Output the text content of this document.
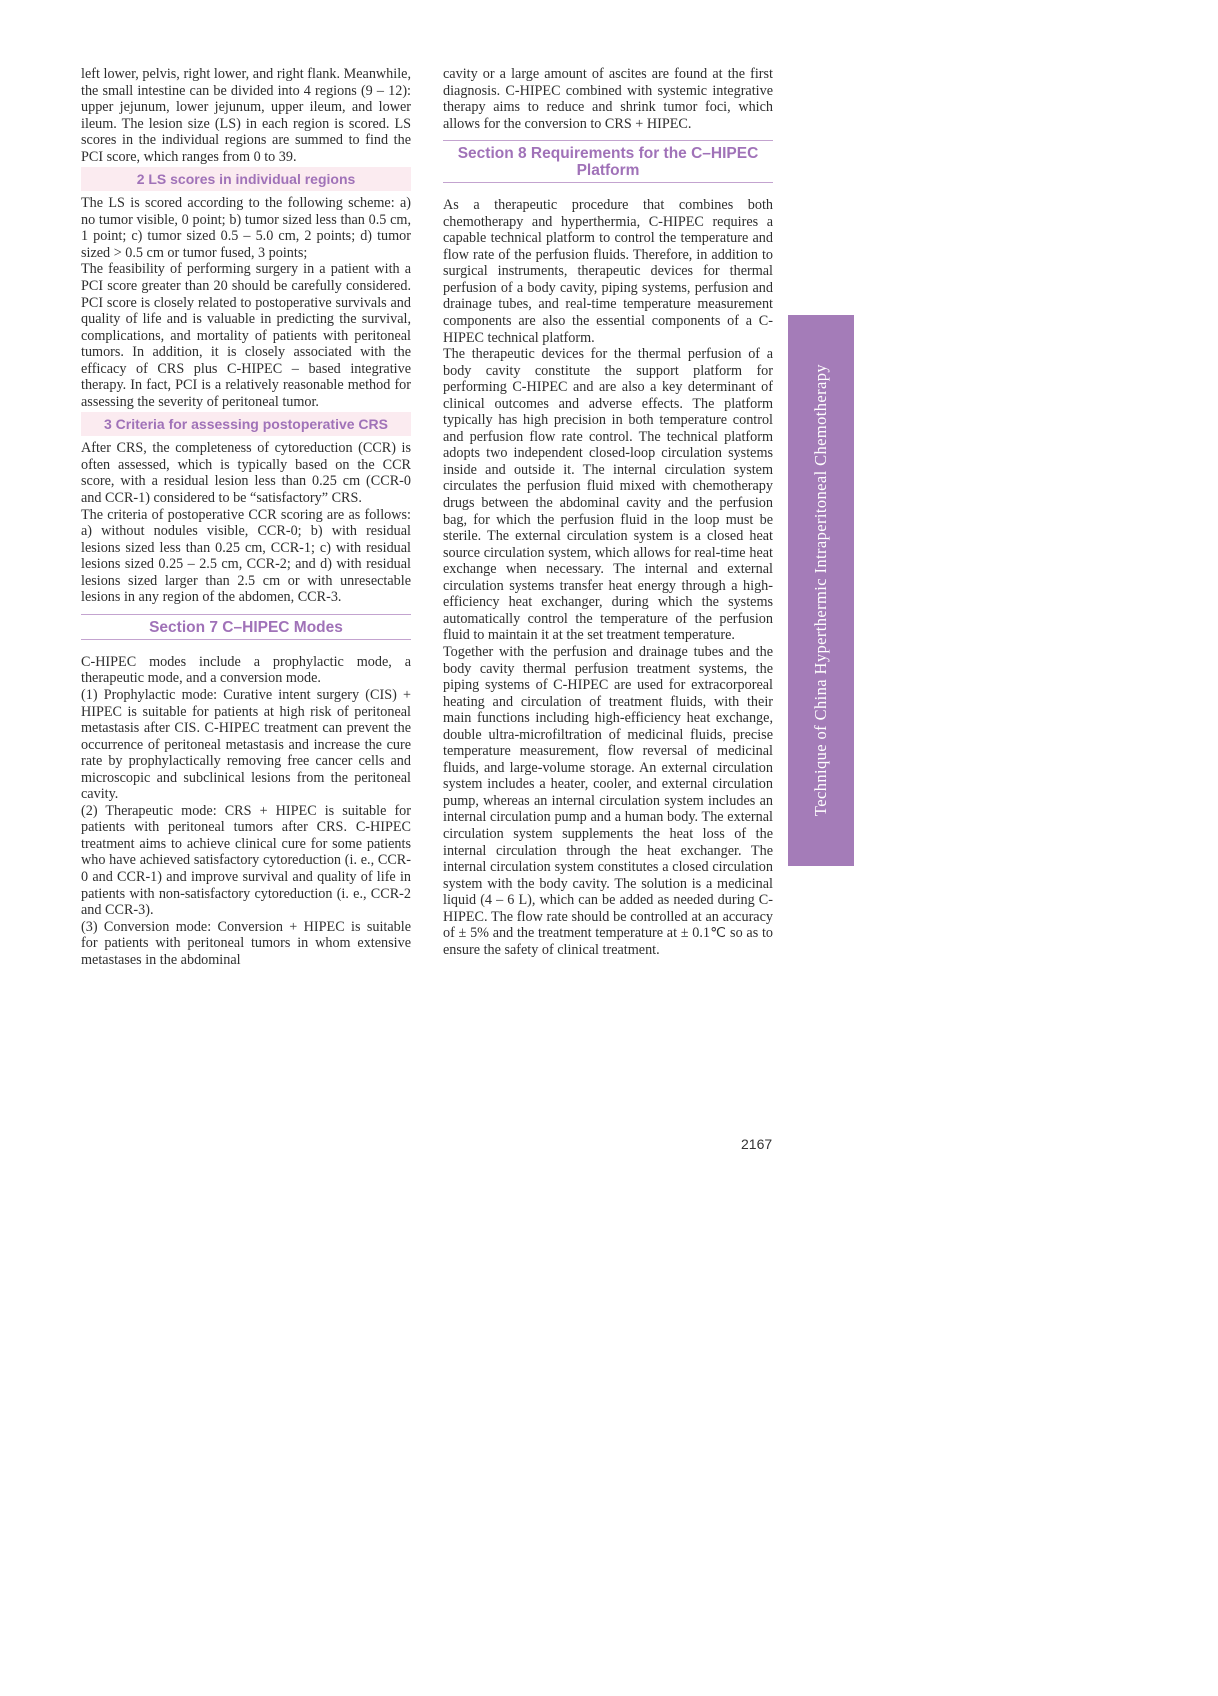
left lower, pelvis, right lower, and right flank. Meanwhile, the small intestine can be divided into 4 regions (9 – 12): upper jejunum, lower jejunum, upper ileum, and lower ileum. The lesion size (LS) in each region is scored. LS scores in the individual regions are summed to find the PCI score, which ranges from 0 to 39.

2 LS scores in individual regions

The LS is scored according to the following scheme: a) no tumor visible, 0 point; b) tumor sized less than 0.5 cm, 1 point; c) tumor sized 0.5 – 5.0 cm, 2 points; d) tumor sized > 0.5 cm or tumor fused, 3 points;

The feasibility of performing surgery in a patient with a PCI score greater than 20 should be carefully considered. PCI score is closely related to postoperative survivals and quality of life and is valuable in predicting the survival, complications, and mortality of patients with peritoneal tumors. In addition, it is closely associated with the efficacy of CRS plus C-HIPEC – based integrative therapy. In fact, PCI is a relatively reasonable method for assessing the severity of peritoneal tumor.

3 Criteria for assessing postoperative CRS

After CRS, the completeness of cytoreduction (CCR) is often assessed, which is typically based on the CCR score, with a residual lesion less than 0.25 cm (CCR-0 and CCR-1) considered to be “satisfactory” CRS.

The criteria of postoperative CCR scoring are as follows: a) without nodules visible, CCR-0; b) with residual lesions sized less than 0.25 cm, CCR-1; c) with residual lesions sized 0.25 – 2.5 cm, CCR-2; and d) with residual lesions sized larger than 2.5 cm or with unresectable lesions in any region of the abdomen, CCR-3.

Section 7 C–HIPEC Modes

C-HIPEC modes include a prophylactic mode, a therapeutic mode, and a conversion mode.

(1) Prophylactic mode: Curative intent surgery (CIS) + HIPEC is suitable for patients at high risk of peritoneal metastasis after CIS. C-HIPEC treatment can prevent the occurrence of peritoneal metastasis and increase the cure rate by prophylactically removing free cancer cells and microscopic and subclinical lesions from the peritoneal cavity.

(2) Therapeutic mode: CRS + HIPEC is suitable for patients with peritoneal tumors after CRS. C-HIPEC treatment aims to achieve clinical cure for some patients who have achieved satisfactory cytoreduction (i. e., CCR-0 and CCR-1) and improve survival and quality of life in patients with non-satisfactory cytoreduction (i. e., CCR-2 and CCR-3).

(3) Conversion mode: Conversion + HIPEC is suitable for patients with peritoneal tumors in whom extensive metastases in the abdominal

cavity or a large amount of ascites are found at the first diagnosis. C-HIPEC combined with systemic integrative therapy aims to reduce and shrink tumor foci, which allows for the conversion to CRS + HIPEC.

Section 8 Requirements for the C–HIPEC Platform

As a therapeutic procedure that combines both chemotherapy and hyperthermia, C-HIPEC requires a capable technical platform to control the temperature and flow rate of the perfusion fluids. Therefore, in addition to surgical instruments, therapeutic devices for thermal perfusion of a body cavity, piping systems, perfusion and drainage tubes, and real-time temperature measurement components are also the essential components of a C-HIPEC technical platform.

The therapeutic devices for the thermal perfusion of a body cavity constitute the support platform for performing C-HIPEC and are also a key determinant of clinical outcomes and adverse effects. The platform typically has high precision in both temperature control and perfusion flow rate control. The technical platform adopts two independent closed-loop circulation systems inside and outside it. The internal circulation system circulates the perfusion fluid mixed with chemotherapy drugs between the abdominal cavity and the perfusion bag, for which the perfusion fluid in the loop must be sterile. The external circulation system is a closed heat source circulation system, which allows for real-time heat exchange when necessary. The internal and external circulation systems transfer heat energy through a high-efficiency heat exchanger, during which the systems automatically control the temperature of the perfusion fluid to maintain it at the set treatment temperature.

Together with the perfusion and drainage tubes and the body cavity thermal perfusion treatment systems, the piping systems of C-HIPEC are used for extracorporeal heating and circulation of treatment fluids, with their main functions including high-efficiency heat exchange, double ultra-microfiltration of medicinal fluids, precise temperature measurement, flow reversal of medicinal fluids, and large-volume storage. An external circulation system includes a heater, cooler, and external circulation pump, whereas an internal circulation system includes an internal circulation pump and a human body. The external circulation system supplements the heat loss of the internal circulation through the heat exchanger. The internal circulation system constitutes a closed circulation system with the body cavity. The solution is a medicinal liquid (4 – 6 L), which can be added as needed during C-HIPEC. The flow rate should be controlled at an accuracy of ± 5% and the treatment temperature at ± 0.1℃ so as to ensure the safety of clinical treatment.

Technique of China Hyperthermic Intraperitoneal Chemotherapy
2167
